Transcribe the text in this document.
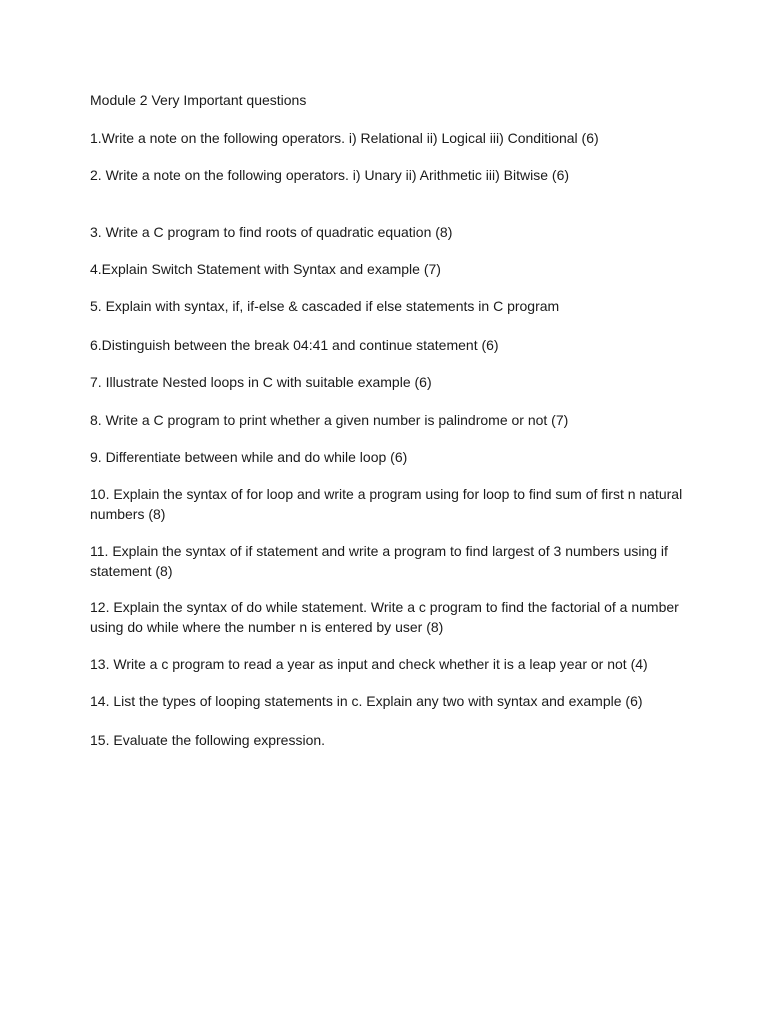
Module 2 Very Important questions

1.Write a note on the following operators. i) Relational ii) Logical iii) Conditional (6)

2. Write a note on the following operators. i) Unary ii) Arithmetic iii) Bitwise (6)

3. Write a C program to find roots of quadratic equation (8)

4.Explain Switch Statement with Syntax and example (7)

5. Explain with syntax, if, if-else & cascaded if else statements in C program

6.Distinguish between the break 04:41 and continue statement (6)

7. Illustrate Nested loops in C with suitable example (6)

8. Write a C program to print whether a given number is palindrome or not (7)

9. Differentiate between while and do while loop (6)

10. Explain the syntax of for loop and write a program using for loop to find sum of first n natural numbers (8)

11. Explain the syntax of if statement and write a program to find largest of 3 numbers using if statement (8)

12. Explain the syntax of do while statement. Write a c program to find the factorial of a number using do while where the number n is entered by user (8)

13. Write a c program to read a year as input and check whether it is a leap year or not (4)

14. List the types of looping statements in c. Explain any two with syntax and example (6)

15. Evaluate the following expression.
